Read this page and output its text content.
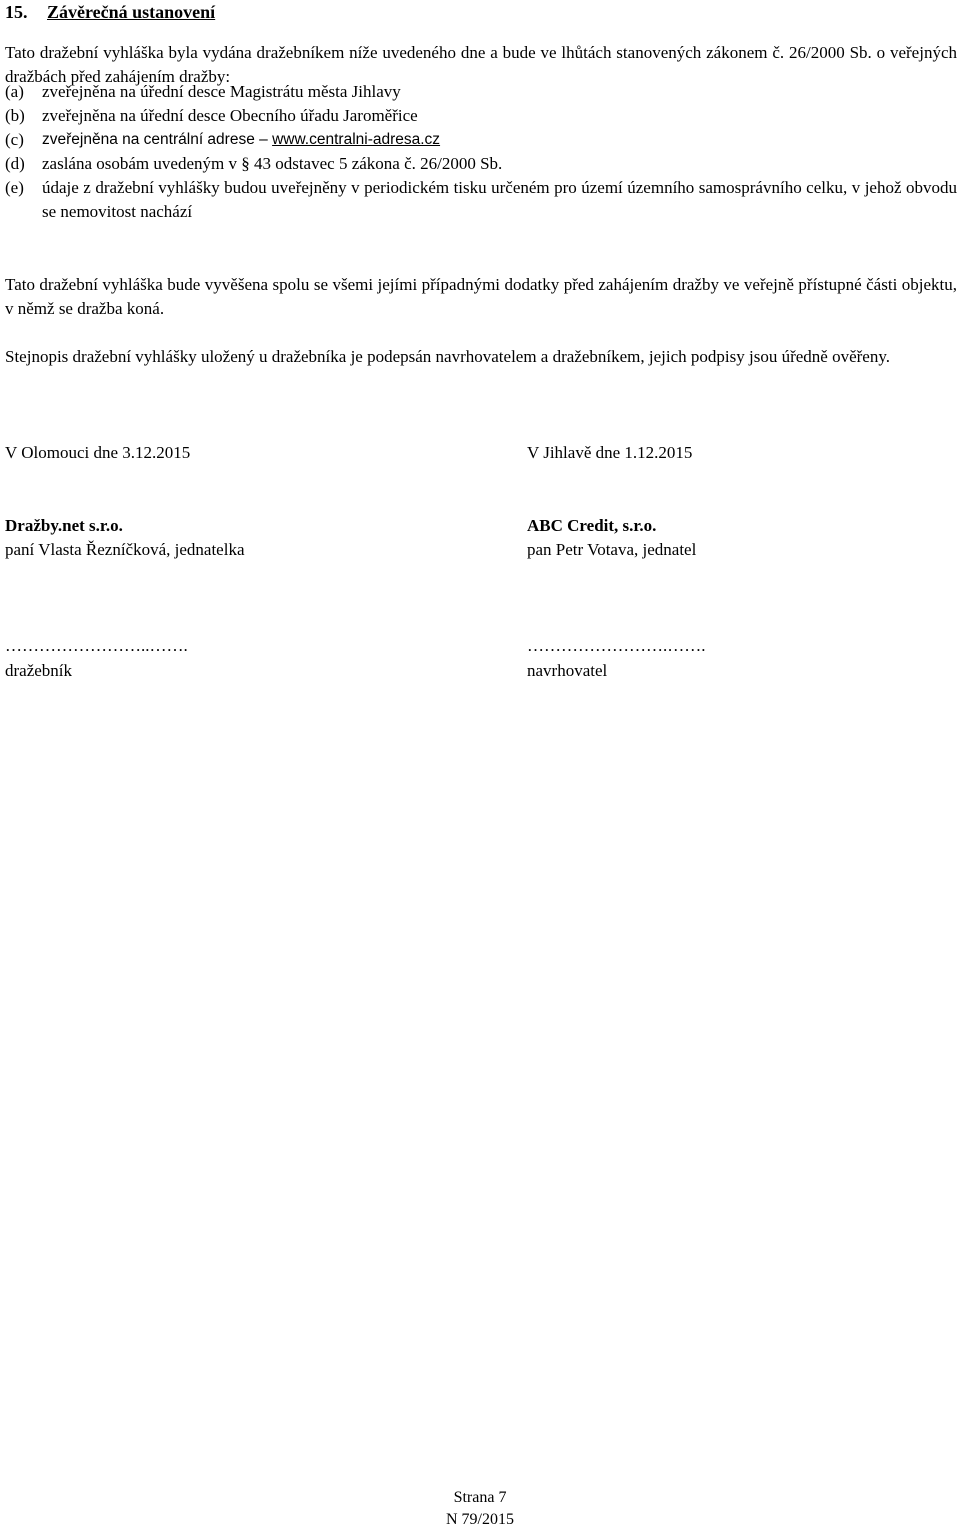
15. Závěrečná ustanovení
Tato dražební vyhláška byla vydána dražebníkem níže uvedeného dne a bude ve lhůtách stanovených zákonem č. 26/2000 Sb. o veřejných dražbách před zahájením dražby:
(a)	zveřejněna na úřední desce Magistrátu města Jihlavy
(b)	zveřejněna na úřední desce Obecního úřadu Jaroměřice
(c)	zveřejněna na centrální adrese – www.centralni-adresa.cz
(d)	zaslána osobám uvedeným v § 43 odstavec 5 zákona č. 26/2000 Sb.
(e)	údaje z dražební vyhlášky budou uveřejněny v periodickém tisku určeném pro území územního samosprávního celku, v jehož obvodu se nemovitost nachází
Tato dražební vyhláška bude vyvěšena spolu se všemi jejími případnými dodatky před zahájením dražby ve veřejně přístupné části objektu, v němž se dražba koná.
Stejnopis dražební vyhlášky uložený u dražebníka je podepsán navrhovatelem a dražebníkem, jejich podpisy jsou úředně ověřeny.
V Olomouci dne 3.12.2015	V Jihlavě dne 1.12.2015
Dražby.net s.r.o.
paní Vlasta Řezníčková, jednatelka
ABC Credit, s.r.o.
pan Petr Votava, jednatel
……………………..…….
dražebník
…………………….…….
navrhovatel
Strana 7
N 79/2015
